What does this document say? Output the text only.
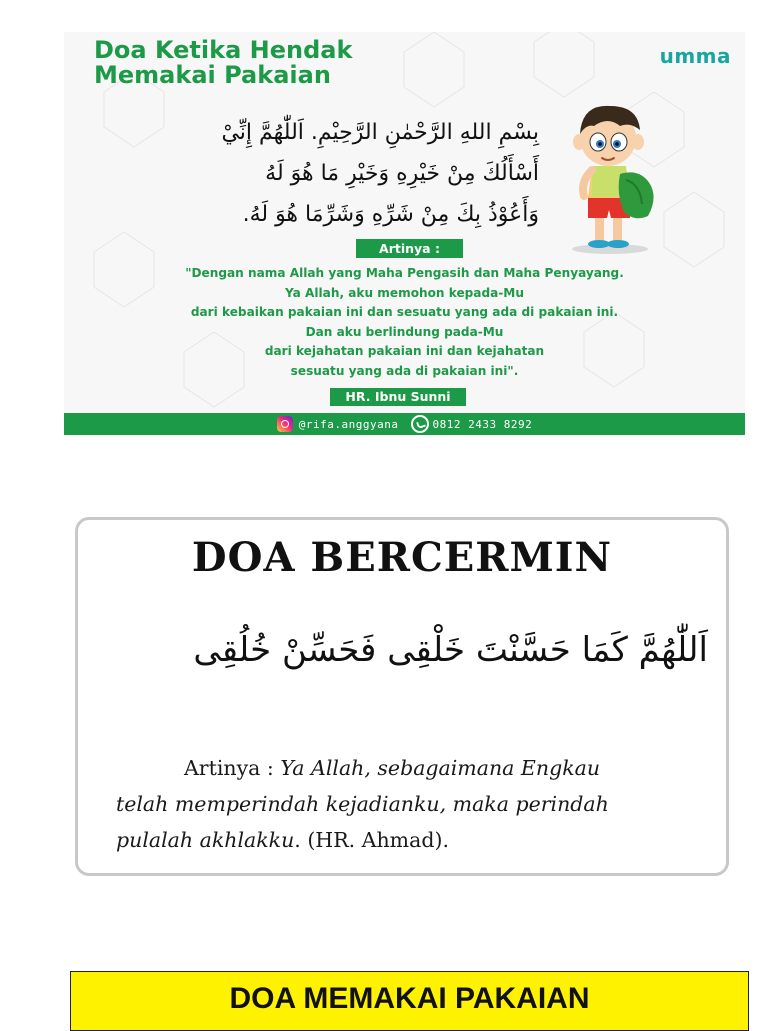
Doa Ketika Hendak
Memakai Pakaian
umma
بِسْمِ اللهِ الرَّحْمٰنِ الرَّحِيْمِ. اَللّٰهُمَّ إِنِّيْ
أَسْأَلُكَ مِنْ خَيْرِهِ وَخَيْرِ مَا هُوَ لَهُ
وَأَعُوْذُ بِكَ مِنْ شَرِّهِ وَشَرِّمَا هُوَ لَهُ.
Artinya :
"Dengan nama Allah yang Maha Pengasih dan Maha Penyayang.
Ya Allah, aku memohon kepada-Mu
dari kebaikan pakaian ini dan sesuatu yang ada di pakaian ini.
Dan aku berlindung pada-Mu
dari kejahatan pakaian ini dan kejahatan
sesuatu yang ada di pakaian ini".
HR. Ibnu Sunni
@rifa.anggyana	0812 2433 8292
DOA BERCERMIN
اَللّٰهُمَّ كَمَا حَسَّنْتَ خَلْقِى فَحَسِّنْ خُلُقِى

Artinya : Ya Allah, sebagaimana Engkau
telah memperindah kejadianku, maka perindah
pulalah akhlakku. (HR. Ahmad).

DOA MEMAKAI PAKAIAN
